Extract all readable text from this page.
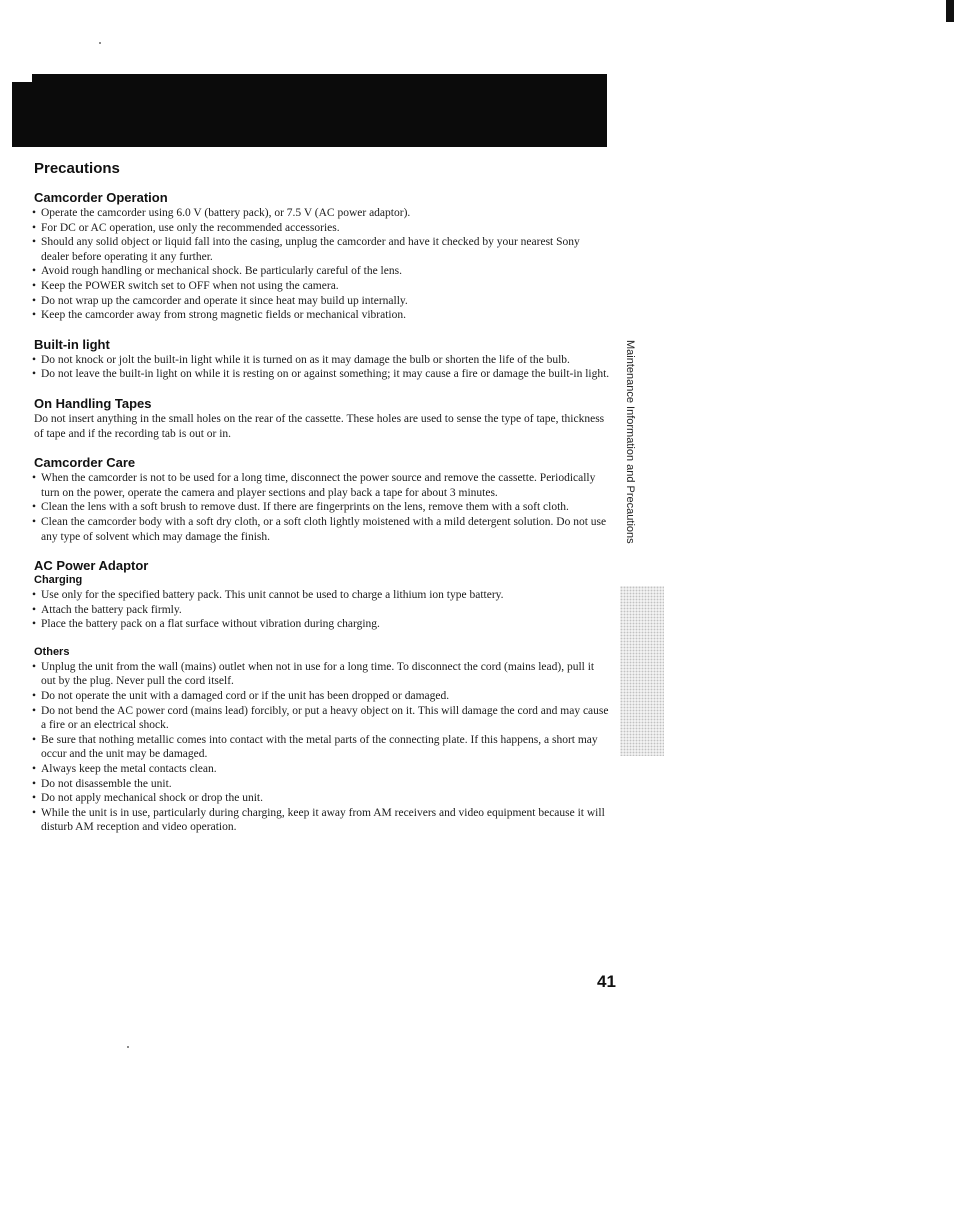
Precautions
Camcorder Operation
• Operate the camcorder using 6.0 V (battery pack), or 7.5 V (AC power adaptor).
• For DC or AC operation, use only the recommended accessories.
• Should any solid object or liquid fall into the casing, unplug the camcorder and have it checked by your nearest Sony dealer before operating it any further.
• Avoid rough handling or mechanical shock. Be particularly careful of the lens.
• Keep the POWER switch set to OFF when not using the camera.
• Do not wrap up the camcorder and operate it since heat may build up internally.
• Keep the camcorder away from strong magnetic fields or mechanical vibration.
Built-in light
• Do not knock or jolt the built-in light while it is turned on as it may damage the bulb or shorten the life of the bulb.
• Do not leave the built-in light on while it is resting on or against something; it may cause a fire or damage the built-in light.
On Handling Tapes

Do not insert anything in the small holes on the rear of the cassette. These holes are used to sense the type of tape, thickness of tape and if the recording tab is out or in.

Camcorder Care
• When the camcorder is not to be used for a long time, disconnect the power source and remove the cassette. Periodically turn on the power, operate the camera and player sections and play back a tape for about 3 minutes.
• Clean the lens with a soft brush to remove dust. If there are fingerprints on the lens, remove them with a soft cloth.
• Clean the camcorder body with a soft dry cloth, or a soft cloth lightly moistened with a mild detergent solution. Do not use any type of solvent which may damage the finish.
AC Power Adaptor
Charging
• Use only for the specified battery pack. This unit cannot be used to charge a lithium ion type battery.
• Attach the battery pack firmly.
• Place the battery pack on a flat surface without vibration during charging.
Others
• Unplug the unit from the wall (mains) outlet when not in use for a long time. To disconnect the cord (mains lead), pull it out by the plug. Never pull the cord itself.
• Do not operate the unit with a damaged cord or if the unit has been dropped or damaged.
• Do not bend the AC power cord (mains lead) forcibly, or put a heavy object on it. This will damage the cord and may cause a fire or an electrical shock.
• Be sure that nothing metallic comes into contact with the metal parts of the connecting plate. If this happens, a short may occur and the unit may be damaged.
• Always keep the metal contacts clean.
• Do not disassemble the unit.
• Do not apply mechanical shock or drop the unit.
• While the unit is in use, particularly during charging, keep it away from AM receivers and video equipment because it will disturb AM reception and video operation.
Maintenance Information and Precautions
41
